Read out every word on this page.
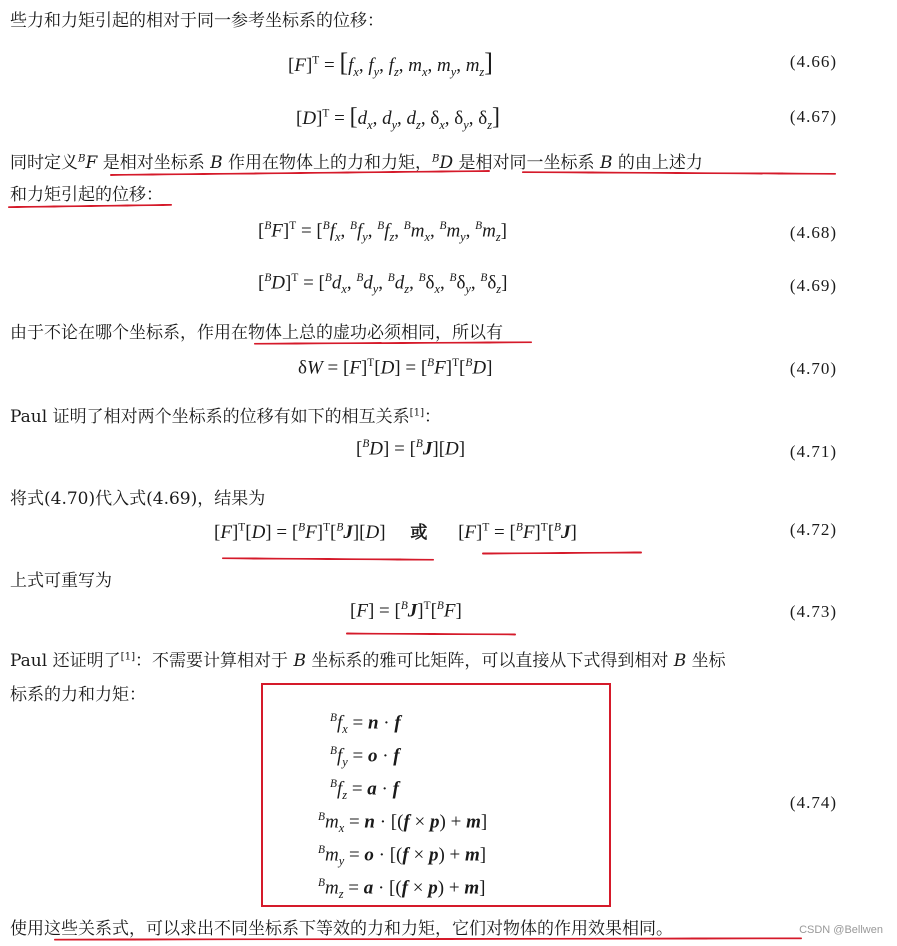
些力和力矩引起的相对于同一参考坐标系的位移：
$[F]^T = [f_x$, $f_y$, $f_z$, $m_x$, $m_y$, $m_z$]	(4.66)
$[D]^T = [d_x$, $d_y$, $d_z$, $\delta_x$, $\delta_y$, $\delta_z$]	(4.67)
同时定义$^B$F 是相对坐标系 B 作用在物体上的力和力矩，$^B$D 是相对同一坐标系 B 的由上述力
和力矩引起的位移：
$[^BF]^T = [^Bf_x$, $^Bf_y$, $^Bf_z$, $^Bm_x$, $^Bm_y$, $^Bm_z$]	(4.68)
$[^BD]^T = [^Bd_x$, $^Bd_y$, $^Bd_z$, $^B\delta_x$, $^B\delta_y$, $^B\delta_z$]	(4.69)
由于不论在哪个坐标系，作用在物体上总的虚功必须相同，所以有
$\delta W = [F]^T[D] = [^BF]^T[^BD]$	(4.70)
Paul 证明了相对两个坐标系的位移有如下的相互关系[1]：
[$^B$D] = [$^B$J][D]	(4.71)
将式(4.70)代入式(4.69)，结果为
$[F]^T[D] = [^BF]^T[^BJ][D]$ 或 $[F]^T = [^BF]^T[^BJ]$	(4.72)
上式可重写为
$[F] = [^BJ]^T[^BF]$	(4.73)
Paul 还证明了[1]：不需要计算相对于 B 坐标系的雅可比矩阵，可以直接从下式得到相对 B 坐标
标系的力和力矩：
$^Bf_x = n \cdot f$
$^Bf_y = o \cdot f$
$^Bf_z = a \cdot f$
$^Bm_x = n \cdot [(f \times p) + m]$
$^Bm_y = o \cdot [(f \times p) + m]$
$^Bm_z = a \cdot [(f \times p) + m]$
(4.74)
使用这些关系式，可以求出不同坐标系下等效的力和力矩，它们对物体的作用效果相同。	CSDN @Bellwen
